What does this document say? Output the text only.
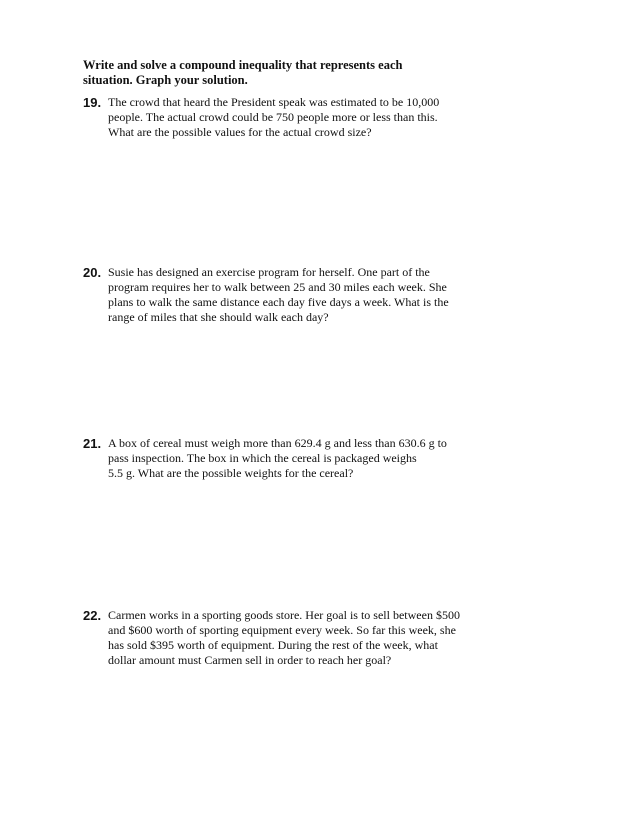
Write and solve a compound inequality that represents each
situation. Graph your solution.
19. The crowd that heard the President speak was estimated to be 10,000
people. The actual crowd could be 750 people more or less than this.
What are the possible values for the actual crowd size?
20. Susie has designed an exercise program for herself. One part of the
program requires her to walk between 25 and 30 miles each week. She
plans to walk the same distance each day five days a week. What is the
range of miles that she should walk each day?
21. A box of cereal must weigh more than 629.4 g and less than 630.6 g to
pass inspection. The box in which the cereal is packaged weighs
5.5 g. What are the possible weights for the cereal?
22. Carmen works in a sporting goods store. Her goal is to sell between $500
and $600 worth of sporting equipment every week. So far this week, she
has sold $395 worth of equipment. During the rest of the week, what
dollar amount must Carmen sell in order to reach her goal?
